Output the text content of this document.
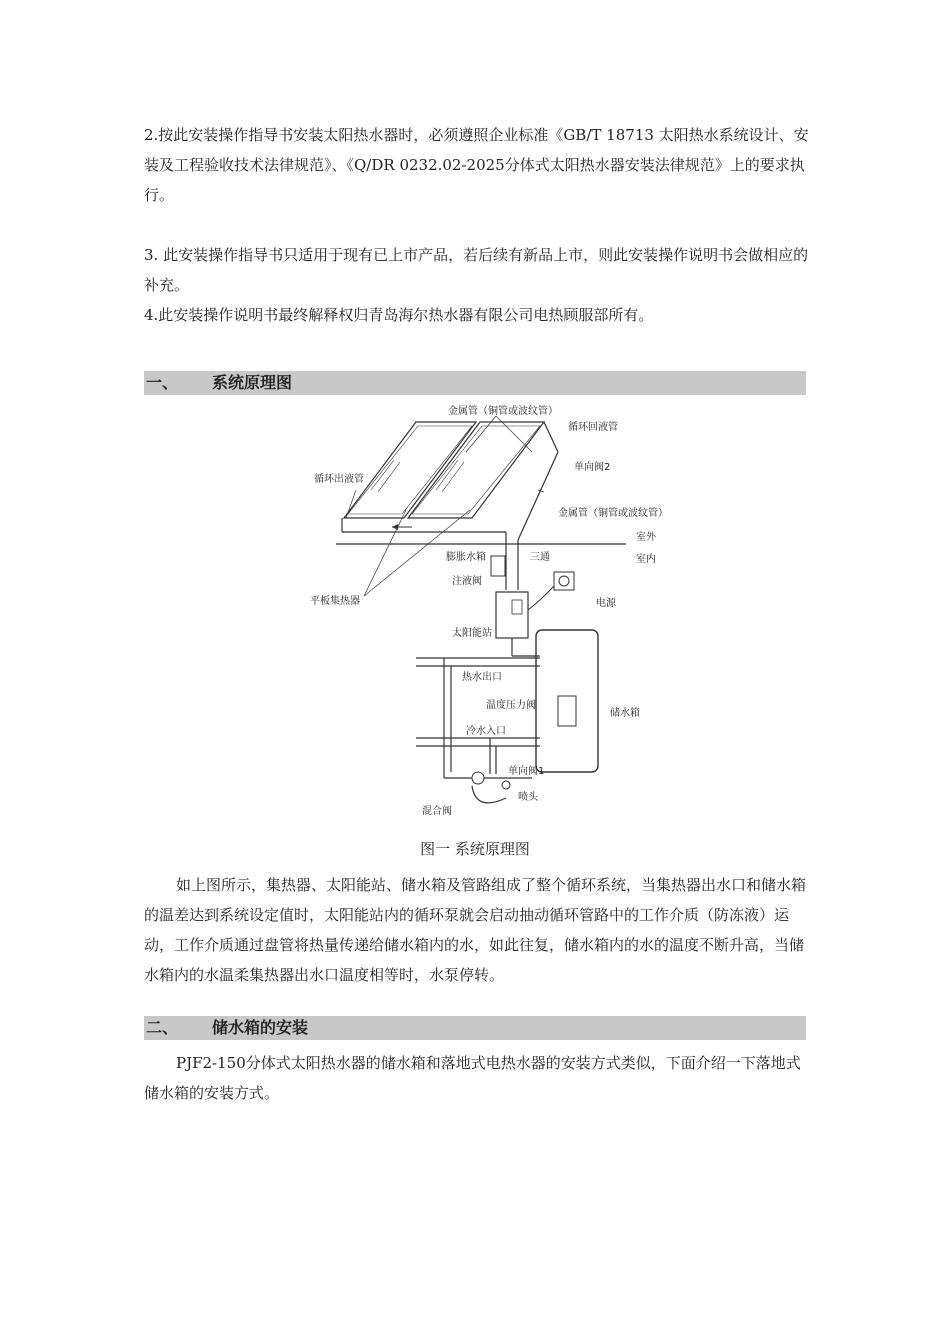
2.按此安装操作指导书安装太阳热水器时，必须遵照企业标准《GB/T 18713 太阳热水系统设计、安装及工程验收技术法律规范》、《Q/DR 0232.02-2025分体式太阳热水器安装法律规范》上的要求执行。

3. 此安装操作指导书只适用于现有已上市产品，若后续有新品上市，则此安装操作说明书会做相应的补充。

4.此安装操作说明书最终解释权归青岛海尔热水器有限公司电热顾服部所有。

一、 系统原理图
金属管（铜管或波纹管）
循环回液管
循环出液管
单向阀2
金属管（铜管或波纹管）
室外
室内
膨胀水箱	三通
注液阀
电源
平板集热器
太阳能站
热水出口
温度压力阀
储水箱
冷水入口
单向阀1
混合阀
喷头
图一 系统原理图

如上图所示，集热器、太阳能站、储水箱及管路组成了整个循环系统，当集热器出水口和储水箱的温差达到系统设定值时，太阳能站内的循环泵就会启动抽动循环管路中的工作介质（防冻液）运动，工作介质通过盘管将热量传递给储水箱内的水，如此往复，储水箱内的水的温度不断升高，当储水箱内的水温柔集热器出水口温度相等时，水泵停转。

二、 储水箱的安装

PJF2-150分体式太阳热水器的储水箱和落地式电热水器的安装方式类似，下面介绍一下落地式储水箱的安装方式。
